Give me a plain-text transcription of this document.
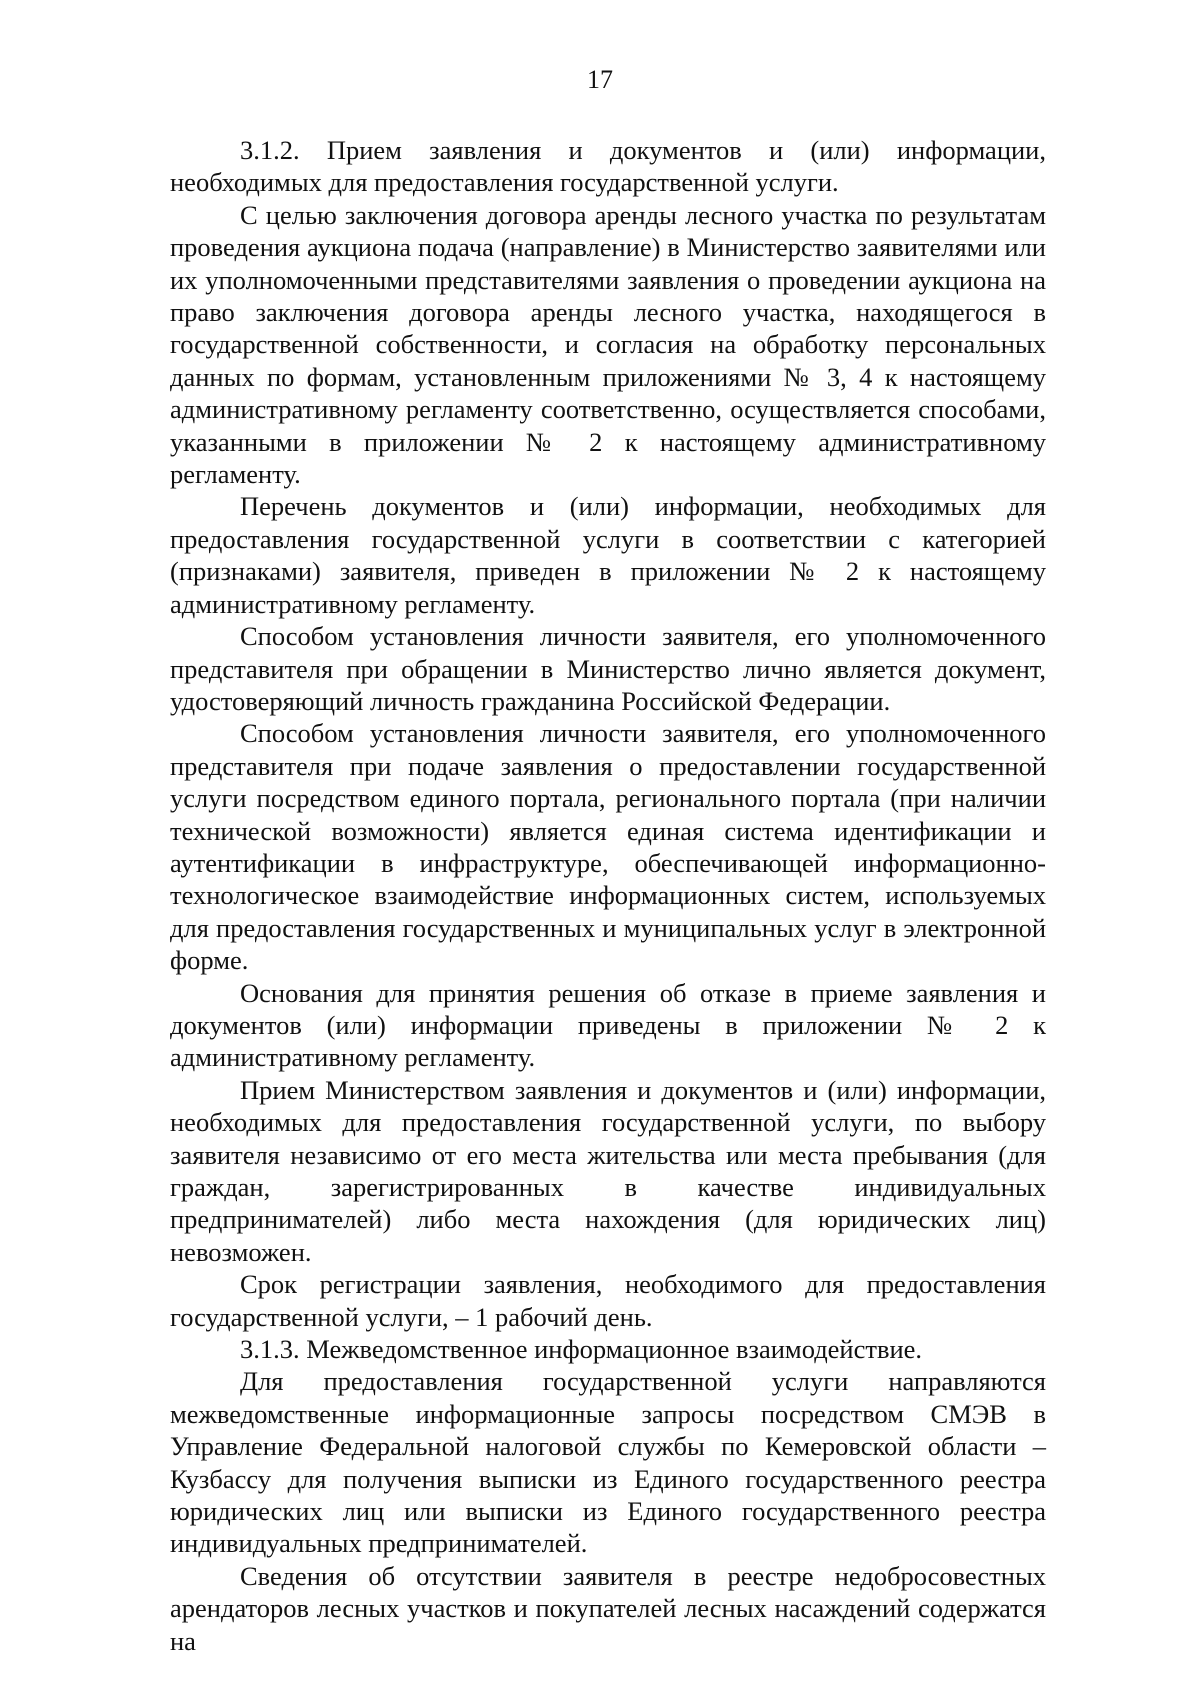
17

3.1.2. Прием заявления и документов и (или) информации, необходимых для предоставления государственной услуги.

С целью заключения договора аренды лесного участка по результатам проведения аукциона подача (направление) в Министерство заявителями или их уполномоченными представителями заявления о проведении аукциона на право заключения договора аренды лесного участка, находящегося в государственной собственности, и согласия на обработку персональных данных по формам, установленным приложениями № 3, 4 к настоящему административному регламенту соответственно, осуществляется способами, указанными в приложении № 2 к настоящему административному регламенту.

Перечень документов и (или) информации, необходимых для предоставления государственной услуги в соответствии с категорией (признаками) заявителя, приведен в приложении № 2 к настоящему административному регламенту.

Способом установления личности заявителя, его уполномоченного представителя при обращении в Министерство лично является документ, удостоверяющий личность гражданина Российской Федерации.

Способом установления личности заявителя, его уполномоченного представителя при подаче заявления о предоставлении государственной услуги посредством единого портала, регионального портала (при наличии технической возможности) является единая система идентификации и аутентификации в инфраструктуре, обеспечивающей информационно-технологическое взаимодействие информационных систем, используемых для предоставления государственных и муниципальных услуг в электронной форме.

Основания для принятия решения об отказе в приеме заявления и документов (или) информации приведены в приложении № 2 к административному регламенту.

Прием Министерством заявления и документов и (или) информации, необходимых для предоставления государственной услуги, по выбору заявителя независимо от его места жительства или места пребывания (для граждан, зарегистрированных в качестве индивидуальных предпринимателей) либо места нахождения (для юридических лиц) невозможен.

Срок регистрации заявления, необходимого для предоставления государственной услуги, – 1 рабочий день.

3.1.3. Межведомственное информационное взаимодействие.

Для предоставления государственной услуги направляются межведомственные информационные запросы посредством СМЭВ в Управление Федеральной налоговой службы по Кемеровской области – Кузбассу для получения выписки из Единого государственного реестра юридических лиц или выписки из Единого государственного реестра индивидуальных предпринимателей.

Сведения об отсутствии заявителя в реестре недобросовестных арендаторов лесных участков и покупателей лесных насаждений содержатся на
